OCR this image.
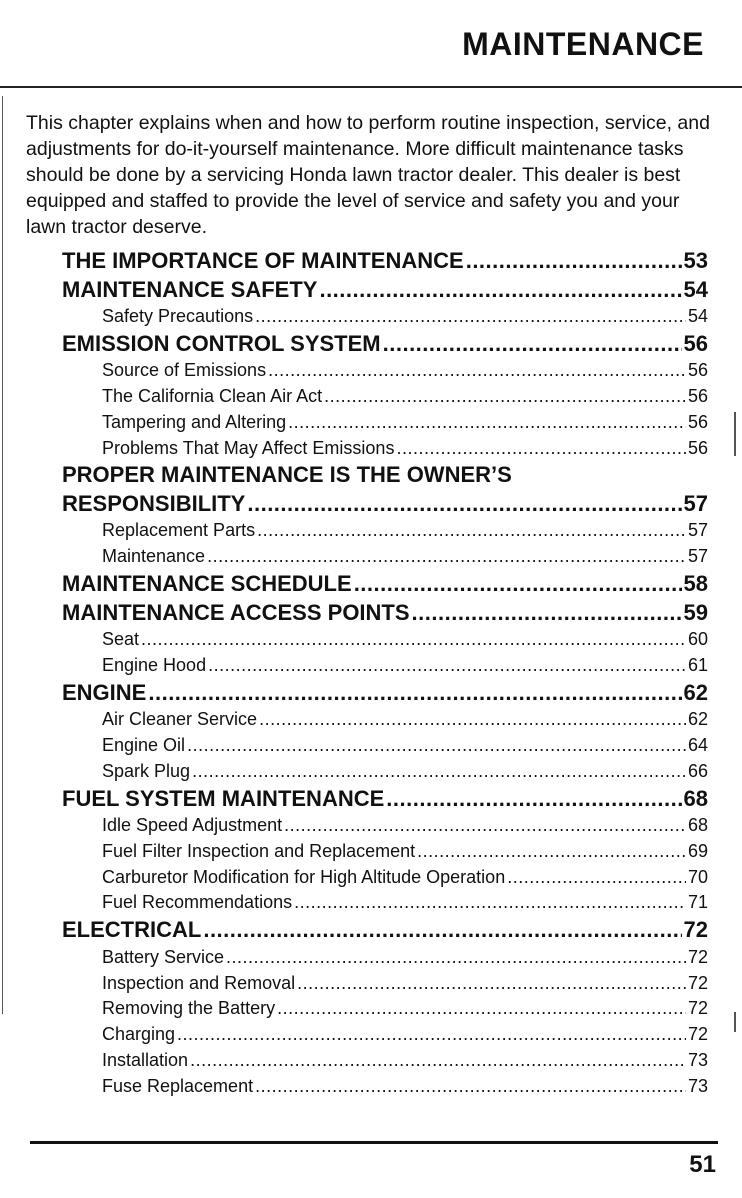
MAINTENANCE

This chapter explains when and how to perform routine inspection, service, and adjustments for do-it-yourself maintenance. More difficult maintenance tasks should be done by a servicing Honda lawn tractor dealer. This dealer is best equipped and staffed to provide the level of service and safety you and your lawn tractor deserve.

THE IMPORTANCE OF MAINTENANCE .....	53
MAINTENANCE SAFETY .....	54
Safety Precautions .....	54
EMISSION CONTROL SYSTEM .....	56
Source of Emissions .....	56
The California Clean Air Act .....	56
Tampering and Altering .....	56
Problems That May Affect Emissions .....	56
PROPER MAINTENANCE IS THE OWNER’S
RESPONSIBILITY .....	57
Replacement Parts .....	57
Maintenance .....	57
MAINTENANCE SCHEDULE .....	58
MAINTENANCE ACCESS POINTS .....	59
Seat .....	60
Engine Hood .....	61
ENGINE .....	62
Air Cleaner Service .....	62
Engine Oil .....	64
Spark Plug .....	66
FUEL SYSTEM MAINTENANCE .....	68
Idle Speed Adjustment .....	68
Fuel Filter Inspection and Replacement .....	69
Carburetor Modification for High Altitude Operation .....	70
Fuel Recommendations .....	71
ELECTRICAL .....	72
Battery Service .....	72
Inspection and Removal .....	72
Removing the Battery .....	72
Charging .....	72
Installation .....	73
Fuse Replacement .....	73
51
